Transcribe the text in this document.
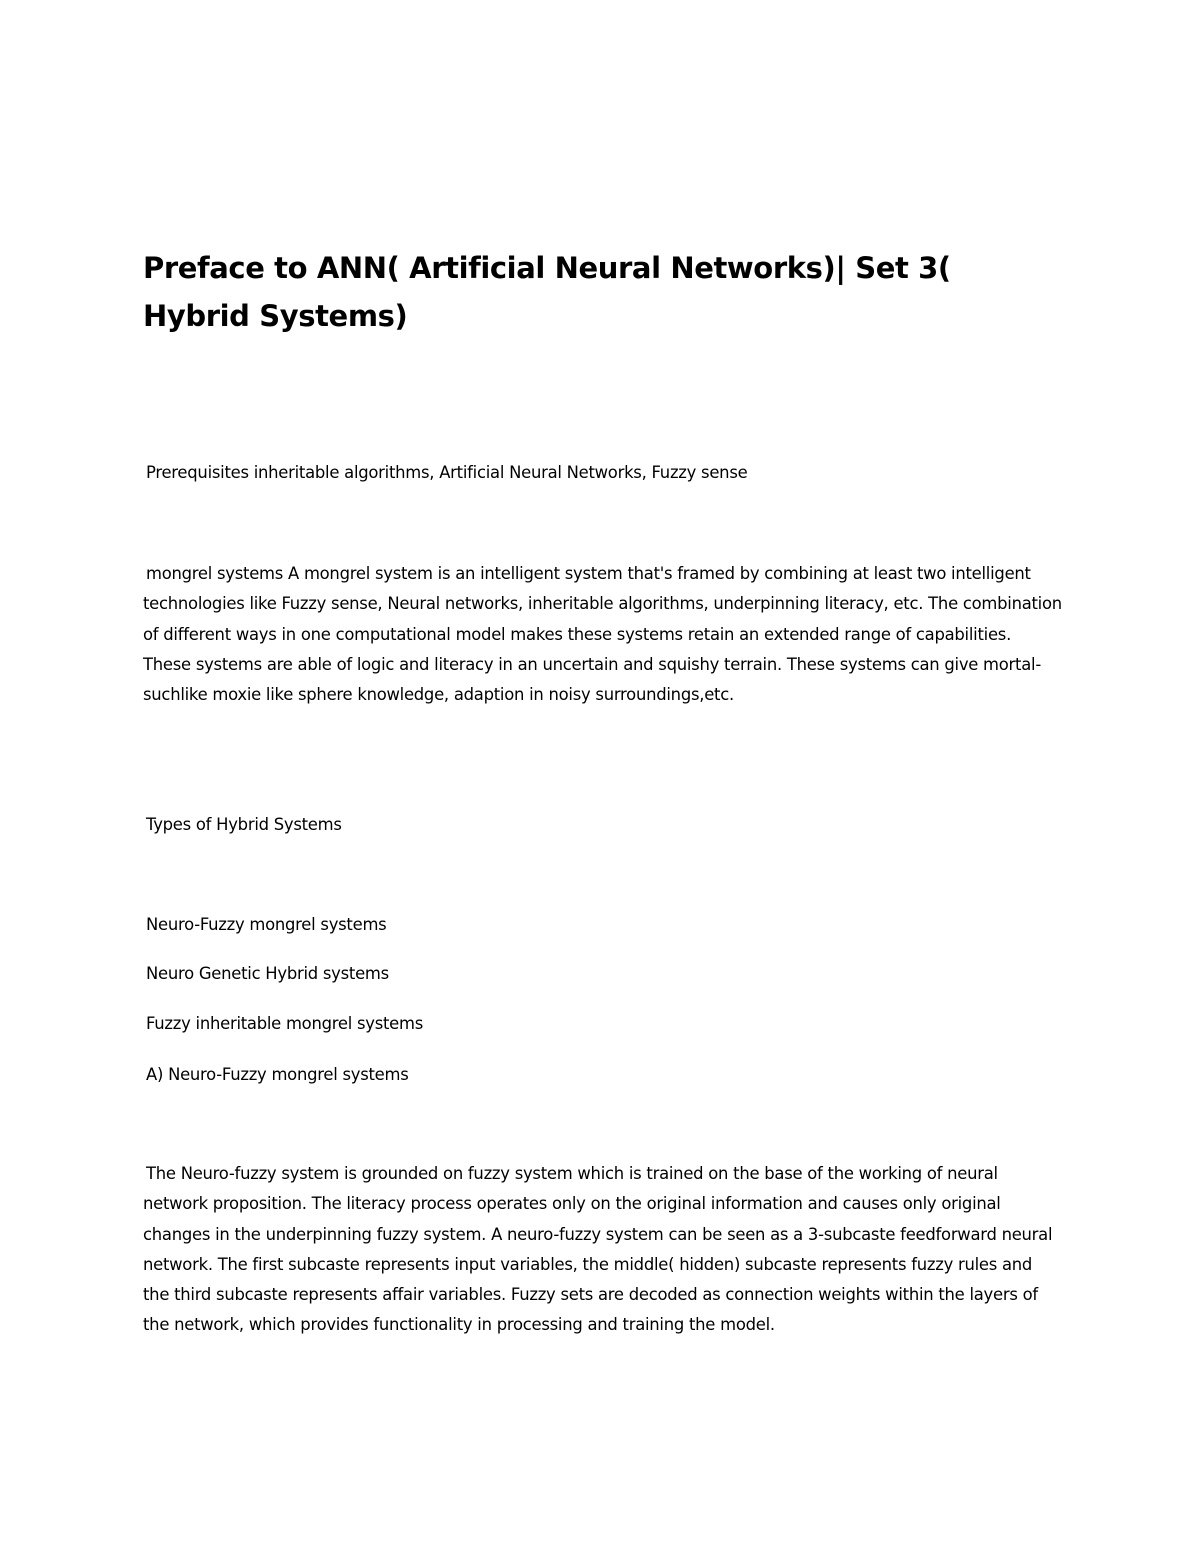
Preface to ANN( Artificial Neural Networks)| Set 3( Hybrid Systems)

Prerequisites inheritable algorithms, Artificial Neural Networks, Fuzzy sense

mongrel systems A mongrel system is an intelligent system that's framed by combining at least two intelligent technologies like Fuzzy sense, Neural networks, inheritable algorithms, underpinning literacy, etc. The combination of different ways in one computational model makes these systems retain an extended range of capabilities. These systems are able of logic and literacy in an uncertain and squishy terrain. These systems can give mortal- suchlike moxie like sphere knowledge, adaption in noisy surroundings,etc.

Types of Hybrid Systems

Neuro-Fuzzy mongrel systems

Neuro Genetic Hybrid systems

Fuzzy inheritable mongrel systems

A) Neuro-Fuzzy mongrel systems

The Neuro-fuzzy system is grounded on fuzzy system which is trained on the base of the working of neural network proposition. The literacy process operates only on the original information and causes only original changes in the underpinning fuzzy system. A neuro-fuzzy system can be seen as a 3-subcaste feedforward neural network. The first subcaste represents input variables, the middle( hidden) subcaste represents fuzzy rules and the third subcaste represents affair variables. Fuzzy sets are decoded as connection weights within the layers of the network, which provides functionality in processing and training the model.
